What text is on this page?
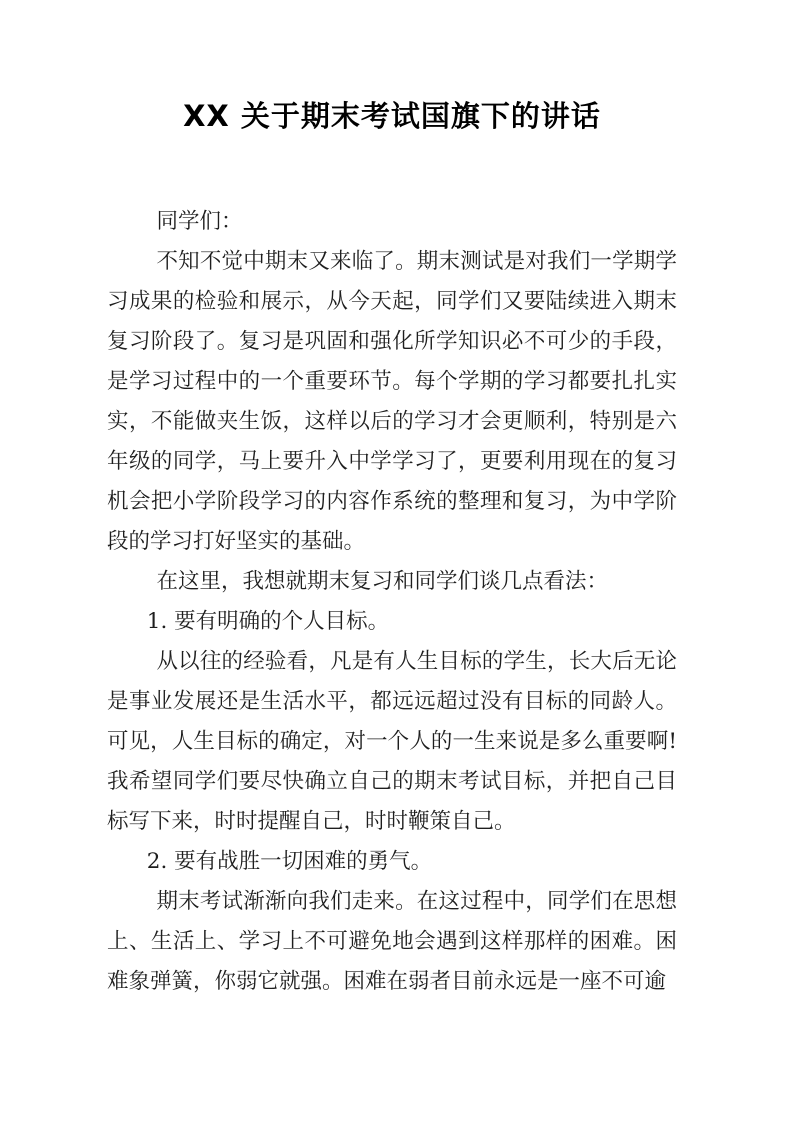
XX 关于期末考试国旗下的讲话

同学们：

不知不觉中期末又来临了。期末测试是对我们一学期学习成果的检验和展示，从今天起，同学们又要陆续进入期末复习阶段了。复习是巩固和强化所学知识必不可少的手段，是学习过程中的一个重要环节。每个学期的学习都要扎扎实实，不能做夹生饭，这样以后的学习才会更顺利，特别是六年级的同学，马上要升入中学学习了，更要利用现在的复习机会把小学阶段学习的内容作系统的整理和复习，为中学阶段的学习打好坚实的基础。

在这里，我想就期末复习和同学们谈几点看法：

1. 要有明确的个人目标。

从以往的经验看，凡是有人生目标的学生，长大后无论是事业发展还是生活水平，都远远超过没有目标的同龄人。可见，人生目标的确定，对一个人的一生来说是多么重要啊!我希望同学们要尽快确立自己的期末考试目标，并把自己目标写下来，时时提醒自己，时时鞭策自己。

2. 要有战胜一切困难的勇气。

期末考试渐渐向我们走来。在这过程中，同学们在思想上、生活上、学习上不可避免地会遇到这样那样的困难。困难象弹簧，你弱它就强。困难在弱者目前永远是一座不可逾
